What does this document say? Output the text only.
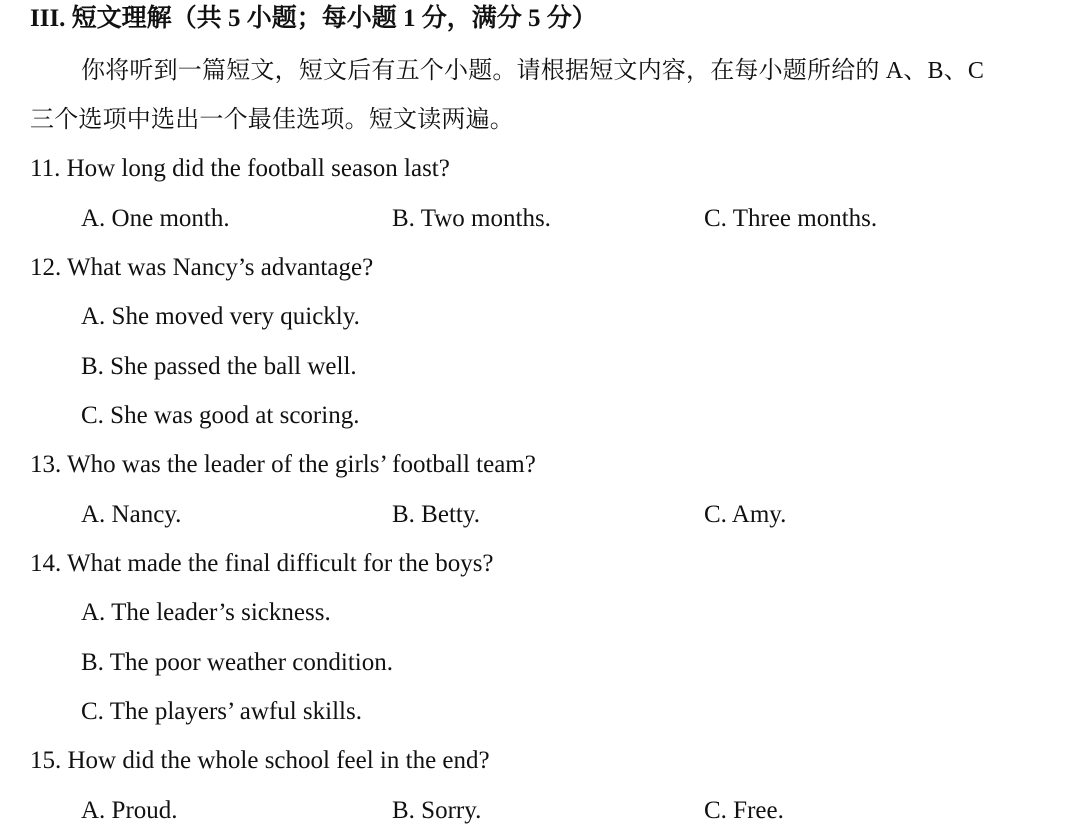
III. 短文理解（共 5 小题；每小题 1 分，满分 5 分）
你将听到一篇短文，短文后有五个小题。请根据短文内容，在每小题所给的 A、B、C
三个选项中选出一个最佳选项。短文读两遍。
11. How long did the football season last?
A. One month.	B. Two months.	C. Three months.
12. What was Nancy’s advantage?
A. She moved very quickly.
B. She passed the ball well.
C. She was good at scoring.
13. Who was the leader of the girls’ football team?
A. Nancy.	B. Betty.	C. Amy.
14. What made the final difficult for the boys?
A. The leader’s sickness.
B. The poor weather condition.
C. The players’ awful skills.
15. How did the whole school feel in the end?
A. Proud.	B. Sorry.	C. Free.
